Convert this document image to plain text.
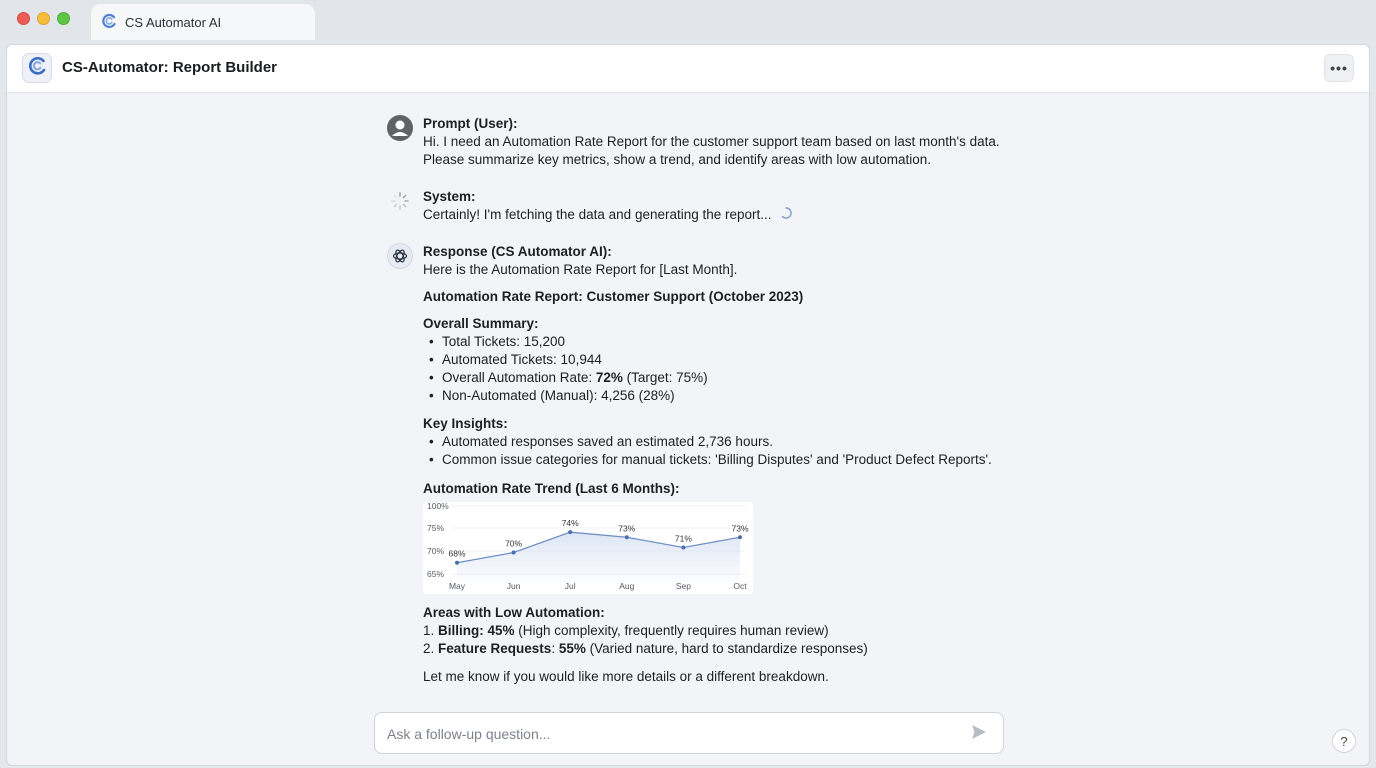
CS Automator AI
CS-Automator: Report Builder	•••
Prompt (User):
Hi. I need an Automation Rate Report for the customer support team based on last month's data.
Please summarize key metrics, show a trend, and identify areas with low automation.
System:
Certainly! I'm fetching the data and generating the report...
Response (CS Automator AI):
Here is the Automation Rate Report for [Last Month].
Automation Rate Report: Customer Support (October 2023)
Overall Summary:
• Total Tickets: 15,200
• Automated Tickets: 10,944
• Overall Automation Rate: 72% (Target: 75%)
• Non-Automated (Manual): 4,256 (28%)
Key Insights:
• Automated responses saved an estimated 2,736 hours.
• Common issue categories for manual tickets: 'Billing Disputes' and 'Product Defect Reports'.
Automation Rate Trend (Last 6 Months):
100%
75%
70%
65%
68%
May
70%
Jun
74%
Jul
73%
Aug
71%
Sep
73%
Oct
Areas with Low Automation:
1. Billing: 45% (High complexity, frequently requires human review)
2. Feature Requests: 55% (Varied nature, hard to standardize responses)
Let me know if you would like more details or a different breakdown.
Ask a follow-up question...
?
